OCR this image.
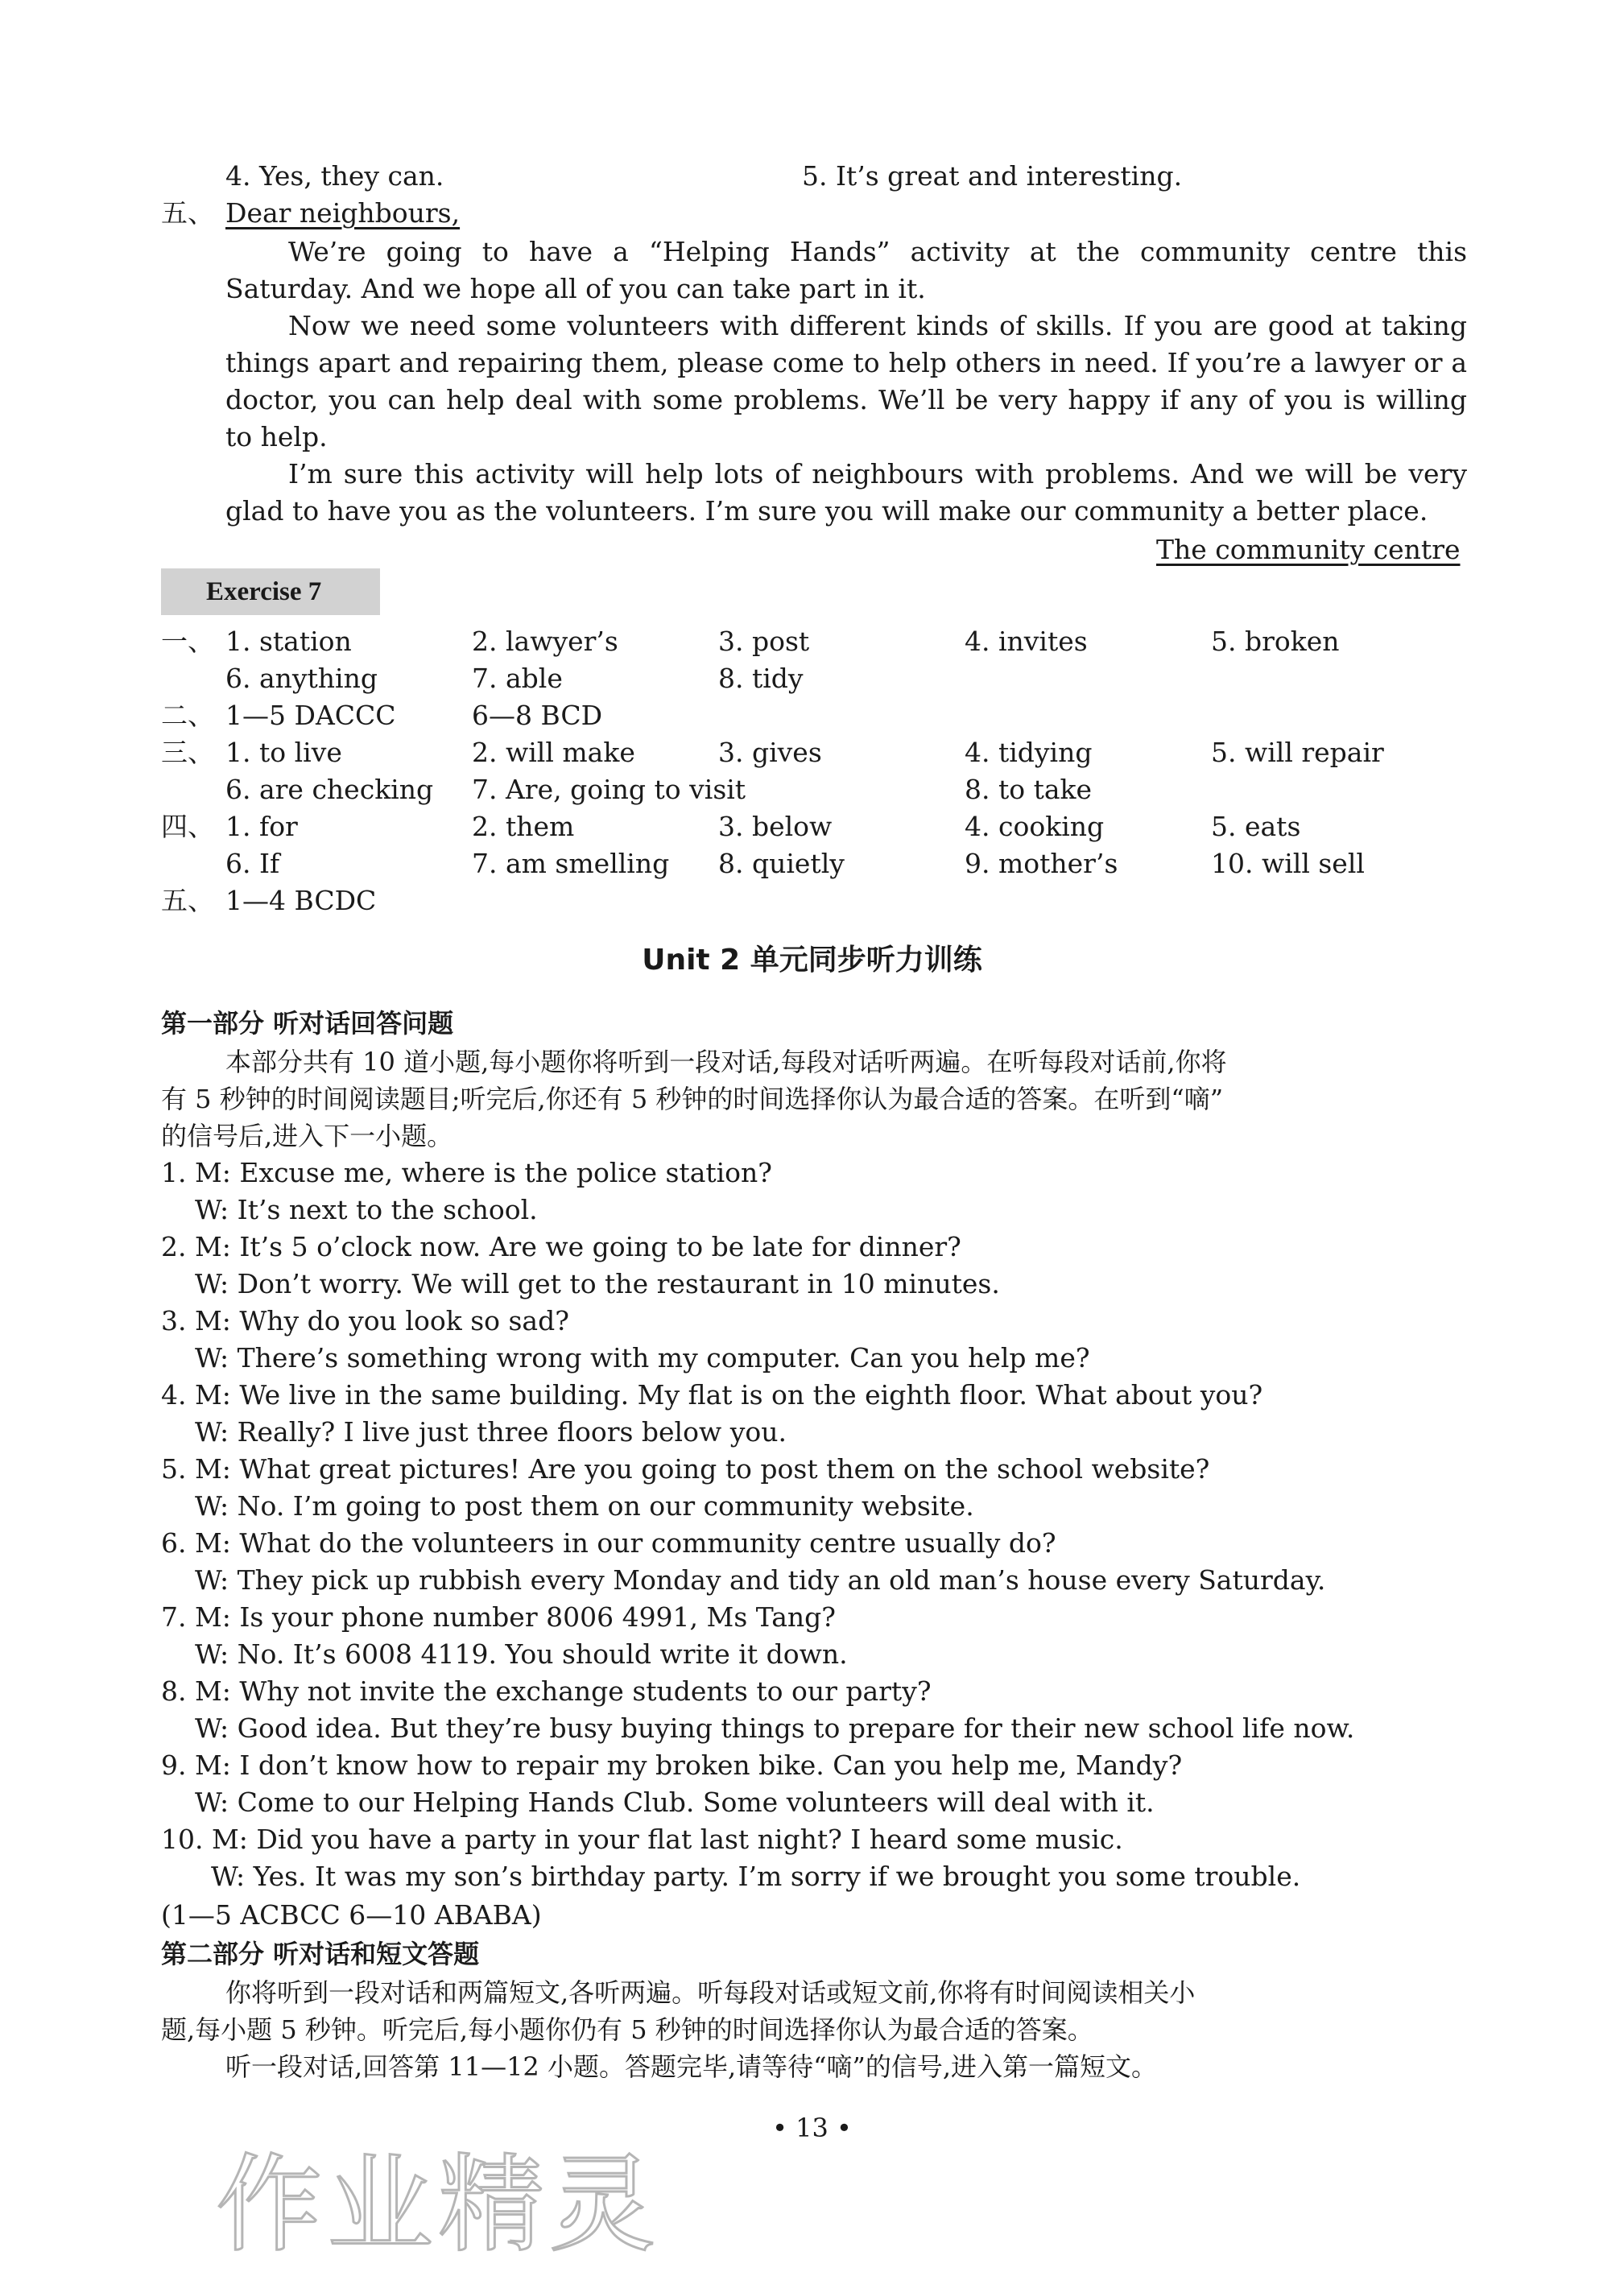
4. Yes, they can.	5. It’s great and interesting.
五、 Dear neighbours,
We’re going to have a “Helping Hands” activity at the community centre this
Saturday. And we hope all of you can take part in it.
Now we need some volunteers with different kinds of skills. If you are good at taking
things apart and repairing them, please come to help others in need. If you’re a lawyer or a
doctor, you can help deal with some problems. We’ll be very happy if any of you is willing
to help.
I’m sure this activity will help lots of neighbours with problems. And we will be very
glad to have you as the volunteers. I’m sure you will make our community a better place.
The community centre
Exercise 7
一、 1. station	2. lawyer’s	3. post	4. invites	5. broken
6. anything	7. able	8. tidy
二、 1—5 DACCC	6—8 BCD
三、 1. to live	2. will make	3. gives	4. tidying	5. will repair
6. are checking 7. Are, going to visit	8. to take
四、 1. for	2. them	3. below	4. cooking	5. eats
6. If	7. am smelling 8. quietly	9. mother’s	10. will sell
五、 1—4 BCDC
Unit 2 单元同步听力训练
第一部分 听对话回答问题
本部分共有 10 道小题,每小题你将听到一段对话,每段对话听两遍。在听每段对话前,你将
有 5 秒钟的时间阅读题目;听完后,你还有 5 秒钟的时间选择你认为最合适的答案。在听到“嘀”
的信号后,进入下一小题。
1. M: Excuse me, where is the police station?
W: It’s next to the school.
2. M: It’s 5 o’clock now. Are we going to be late for dinner?
W: Don’t worry. We will get to the restaurant in 10 minutes.
3. M: Why do you look so sad?
W: There’s something wrong with my computer. Can you help me?
4. M: We live in the same building. My flat is on the eighth floor. What about you?
W: Really? I live just three floors below you.
5. M: What great pictures! Are you going to post them on the school website?
W: No. I’m going to post them on our community website.
6. M: What do the volunteers in our community centre usually do?
W: They pick up rubbish every Monday and tidy an old man’s house every Saturday.
7. M: Is your phone number 8006 4991, Ms Tang?
W: No. It’s 6008 4119. You should write it down.
8. M: Why not invite the exchange students to our party?
W: Good idea. But they’re busy buying things to prepare for their new school life now.
9. M: I don’t know how to repair my broken bike. Can you help me, Mandy?
W: Come to our Helping Hands Club. Some volunteers will deal with it.
10. M: Did you have a party in your flat last night? I heard some music.
W: Yes. It was my son’s birthday party. I’m sorry if we brought you some trouble.
(1—5 ACBCC 6—10 ABABA)
第二部分 听对话和短文答题
你将听到一段对话和两篇短文,各听两遍。听每段对话或短文前,你将有时间阅读相关小
题,每小题 5 秒钟。听完后,每小题你仍有 5 秒钟的时间选择你认为最合适的答案。
听一段对话,回答第 11—12 小题。答题完毕,请等待“嘀”的信号,进入第一篇短文。
• 13 •
作业精灵
